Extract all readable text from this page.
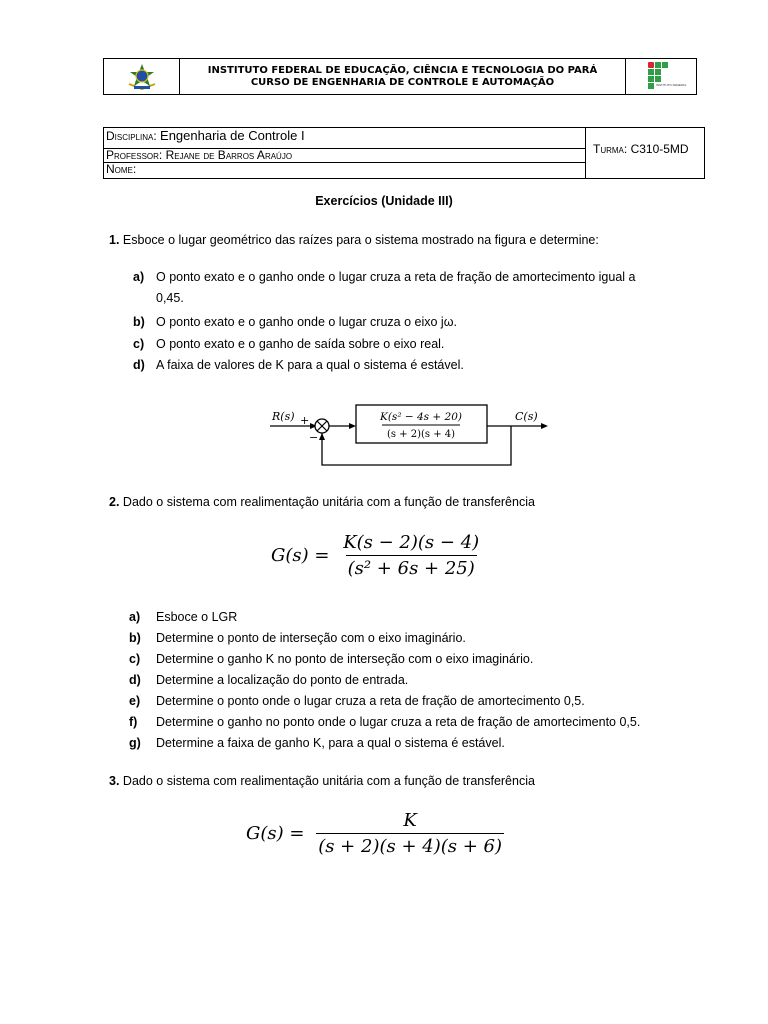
INSTITUTO FEDERAL DE EDUCAÇÃO, CIÊNCIA E TECNOLOGIA DO PARÁ
CURSO DE ENGENHARIA DE CONTROLE E AUTOMAÇÃO	INSTITUTO FEDERAL
Disciplina: Engenharia de Controle I
Professor: Rejane de Barros Araújo
Nome:
Turma: C310-5MD
Exercícios (Unidade III)
1. Esboce o lugar geométrico das raízes para o sistema mostrado na figura e determine:
a) O ponto exato e o ganho onde o lugar cruza a reta de fração de amortecimento igual a
0,45.
b) O ponto exato e o ganho onde o lugar cruza o eixo jω.
c) O ponto exato e o ganho de saída sobre o eixo real.
d) A faixa de valores de K para a qual o sistema é estável.
R(s) +
−
K(s² − 4s + 20)
(s + 2)(s + 4)
C(s)
2. Dado o sistema com realimentação unitária com a função de transferência
$G(s) = \frac{K(s - 2)(s - 4)}{\text{(s² + 6s + 25)}}$
a) Esboce o LGR
b) Determine o ponto de interseção com o eixo imaginário.
c) Determine o ganho K no ponto de interseção com o eixo imaginário.
d) Determine a localização do ponto de entrada.
e) Determine o ponto onde o lugar cruza a reta de fração de amortecimento 0,5.
f) Determine o ganho no ponto onde o lugar cruza a reta de fração de amortecimento 0,5.
g) Determine a faixa de ganho K, para a qual o sistema é estável.
3. Dado o sistema com realimentação unitária com a função de transferência
$G(s) = \frac{K}{(s + 2)(s + 4)(s + 6)}$
